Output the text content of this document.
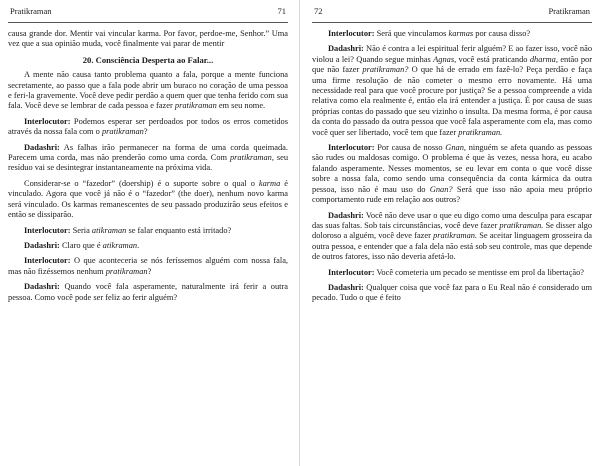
Pratikraman	71

causa grande dor. Mentir vai vincular karma. Por favor, perdoe-me, Senhor.” Uma vez que a sua opinião muda, você finalmente vai parar de mentir

20. Consciência Desperta ao Falar...

A mente não causa tanto problema quanto a fala, porque a mente funciona secretamente, ao passo que a fala pode abrir um buraco no coração de uma pessoa e feri-la gravemente. Você deve pedir perdão a quem quer que tenha ferido com sua fala. Você deve se lembrar de cada pessoa e fazer pratikraman em seu nome.

Interlocutor: Podemos esperar ser perdoados por todos os erros cometidos através da nossa fala com o pratikraman?

Dadashri: As falhas irão permanecer na forma de uma corda queimada. Parecem uma corda, mas não prenderão como uma corda. Com pratikraman, seu resíduo vai se desintegrar instantaneamente na próxima vida.

Considerar-se o “fazedor” (doership) é o suporte sobre o qual o karma é vinculado. Agora que você já não é o “fazedor” (the doer), nenhum novo karma será vinculado. Os karmas remanescentes de seu passado produzirão seus efeitos e então se dissiparão.

Interlocutor: Seria atikraman se falar enquanto está irritado?

Dadashri: Claro que é atikraman.

Interlocutor: O que aconteceria se nós feríssemos alguém com nossa fala, mas não fizéssemos nenhum pratikraman?

Dadashri: Quando você fala asperamente, naturalmente irá ferir a outra pessoa. Como você pode ser feliz ao ferir alguém?

72	Pratikraman

Interlocutor: Será que vinculamos karmas por causa disso?

Dadashri: Não é contra a lei espiritual ferir alguém? E ao fazer isso, você não violou a lei? Quando segue minhas Agnas, você está praticando dharma, então por que não fazer pratikraman? O que há de errado em fazê-lo? Peça perdão e faça uma firme resolução de não cometer o mesmo erro novamente. Há uma necessidade real para que você procure por justiça? Se a pessoa compreende a vida relativa como ela realmente é, então ela irá entender a justiça. É por causa de suas próprias contas do passado que seu vizinho o insulta. Da mesma forma, é por causa da conta do passado da outra pessoa que você fala asperamente com ela, mas como você quer ser libertado, você tem que fazer pratikraman.

Interlocutor: Por causa de nosso Gnan, ninguém se afeta quando as pessoas são rudes ou maldosas comigo. O problema é que às vezes, nessa hora, eu acabo falando asperamente. Nesses momentos, se eu levar em conta o que você disse sobre a nossa fala, como sendo uma consequência da conta kármica da outra pessoa, isso não é mau uso do Gnan? Será que isso não apoia meu próprio comportamento rude em relação aos outros?

Dadashri: Você não deve usar o que eu digo como uma desculpa para escapar das suas faltas. Sob tais circunstâncias, você deve fazer pratikraman. Se disser algo doloroso a alguém, você deve fazer pratikraman. Se aceitar linguagem grosseira da outra pessoa, e entender que a fala dela não está sob seu controle, mas que depende de outros fatores, isso não deveria afetá-lo.

Interlocutor: Você cometeria um pecado se mentisse em prol da libertação?

Dadashri: Qualquer coisa que você faz para o Eu Real não é considerado um pecado. Tudo o que é feito
